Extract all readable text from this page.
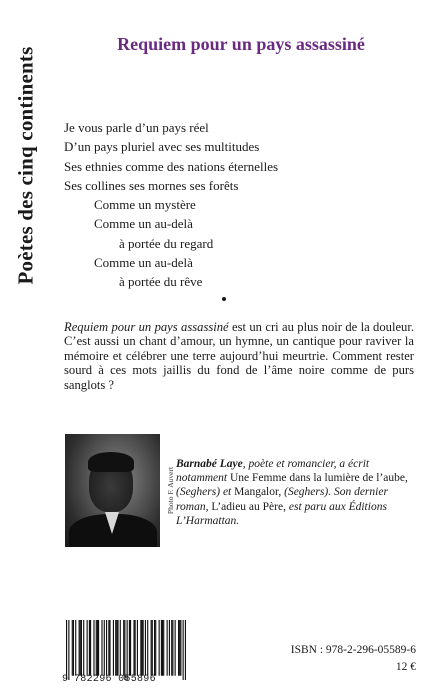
Poètes des cinq continents
Requiem pour un pays assassiné
Je vous parle d’un pays réel
D’un pays pluriel avec ses multitudes
Ses ethnies comme des nations éternelles
Ses collines ses mornes ses forêts
Comme un mystère
Comme un au-delà
à portée du regard
Comme un au-delà
à portée du rêve

Requiem pour un pays assassiné est un cri au plus noir de la douleur. C’est aussi un chant d’amour, un hymne, un cantique pour raviver la mémoire et célébrer une terre aujourd’hui meurtrie. Comment rester sourd à ces mots jaillis du fond de l’âme noire comme de purs sanglots ?

Photo F. Auvert

Barnabé Laye, poète et romancier, a écrit notamment Une Femme dans la lumière de l’aube, (Seghers) et Mangalor, (Seghers). Son dernier roman, L’adieu au Père, est paru aux Éditions L’Harmattan.

9 782296 055896
ISBN : 978-2-296-05589-6
12 €
